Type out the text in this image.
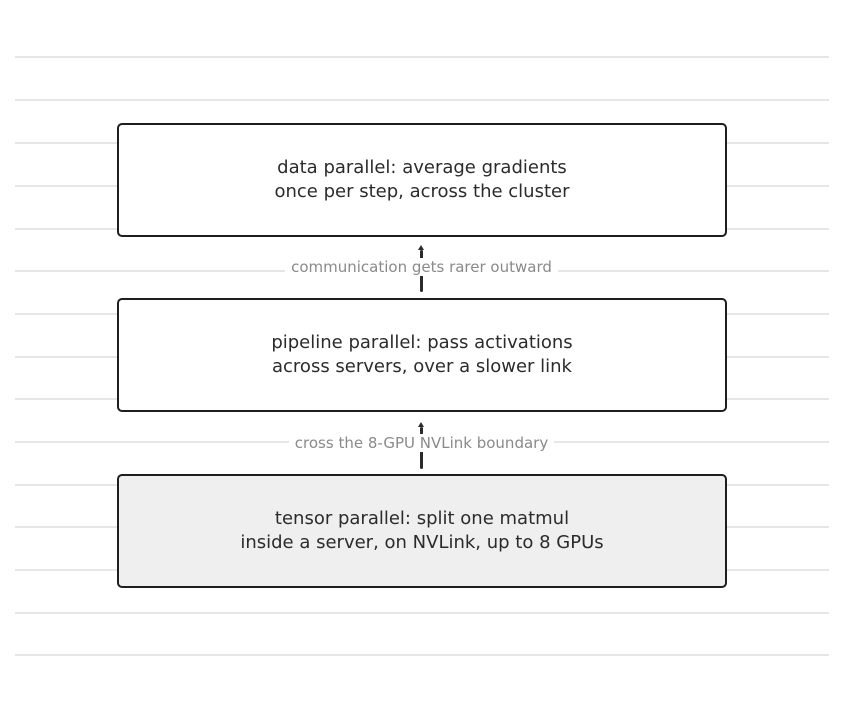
data parallel: average gradients
once per step, across the cluster
communication gets rarer outward
pipeline parallel: pass activations
across servers, over a slower link
cross the 8-GPU NVLink boundary
tensor parallel: split one matmul
inside a server, on NVLink, up to 8 GPUs
